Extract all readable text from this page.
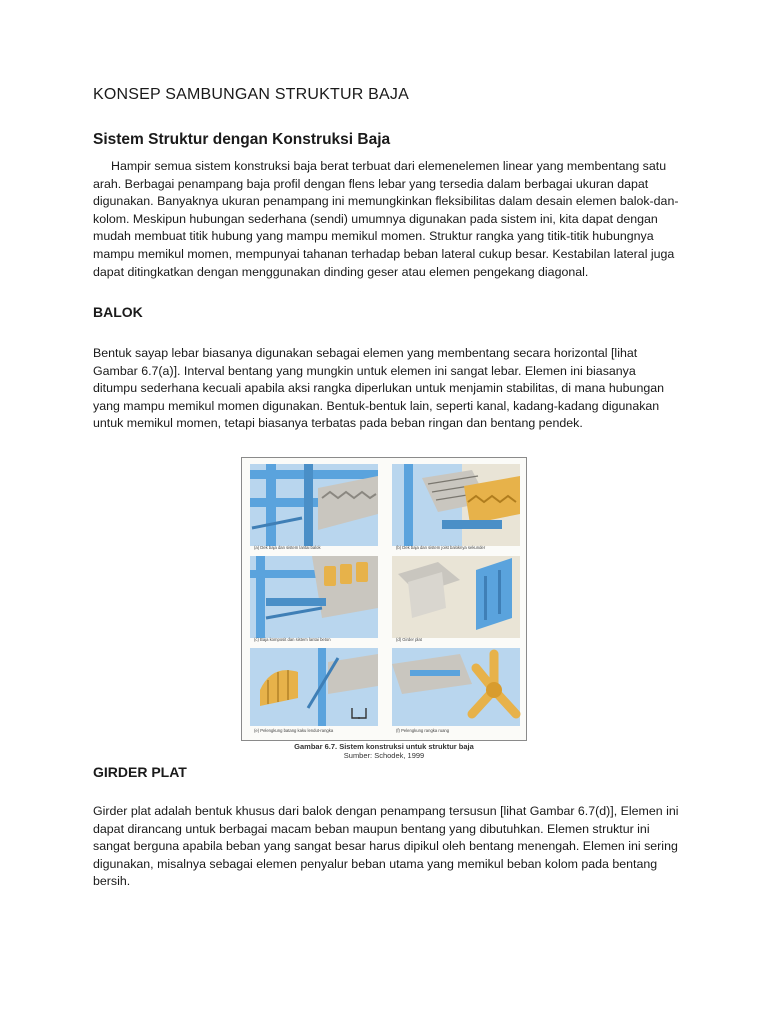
KONSEP SAMBUNGAN STRUKTUR BAJA
Sistem Struktur dengan Konstruksi Baja

Hampir semua sistem konstruksi baja berat terbuat dari elemenelemen linear yang membentang satu arah. Berbagai penampang baja profil dengan flens lebar yang tersedia dalam berbagai ukuran dapat digunakan. Banyaknya ukuran penampang ini memungkinkan fleksibilitas dalam desain elemen balok-dan-kolom. Meskipun hubungan sederhana (sendi) umumnya digunakan pada sistem ini, kita dapat dengan mudah membuat titik hubung yang mampu memikul momen. Struktur rangka yang titik-titik hubungnya mampu memikul momen, mempunyai tahanan terhadap beban lateral cukup besar. Kestabilan lateral juga dapat ditingkatkan dengan menggunakan dinding geser atau elemen pengekang diagonal.

BALOK

Bentuk sayap lebar biasanya digunakan sebagai elemen yang membentang secara horizontal [lihat Gambar 6.7(a)]. Interval bentang yang mungkin untuk elemen ini sangat lebar. Elemen ini biasanya ditumpu sederhana kecuali apabila aksi rangka diperlukan untuk menjamin stabilitas, di mana hubungan yang mampu memikul momen digunakan. Bentuk-bentuk lain, seperti kanal, kadang-kadang digunakan untuk memikul momen, tetapi biasanya terbatas pada beban ringan dan bentang pendek.

(a) Dek baja dan sistem lantai balok	(b) Dek baja dan sistem joist baloknya sekunder
(c) Baja komposit dan sistem lantai beton	(d) Girder plat
(e) Pelengkung batang kaku lendut-rangka	(f) Pelengkung rangka ruang
Gambar 6.7. Sistem konstruksi untuk struktur baja
Sumber: Schodek, 1999
GIRDER PLAT

Girder plat adalah bentuk khusus dari balok dengan penampang tersusun [lihat Gambar 6.7(d)], Elemen ini dapat dirancang untuk berbagai macam beban maupun bentang yang dibutuhkan. Elemen struktur ini sangat berguna apabila beban yang sangat besar harus dipikul oleh bentang menengah. Elemen ini sering digunakan, misalnya sebagai elemen penyalur beban utama yang memikul beban kolom pada bentang bersih.
